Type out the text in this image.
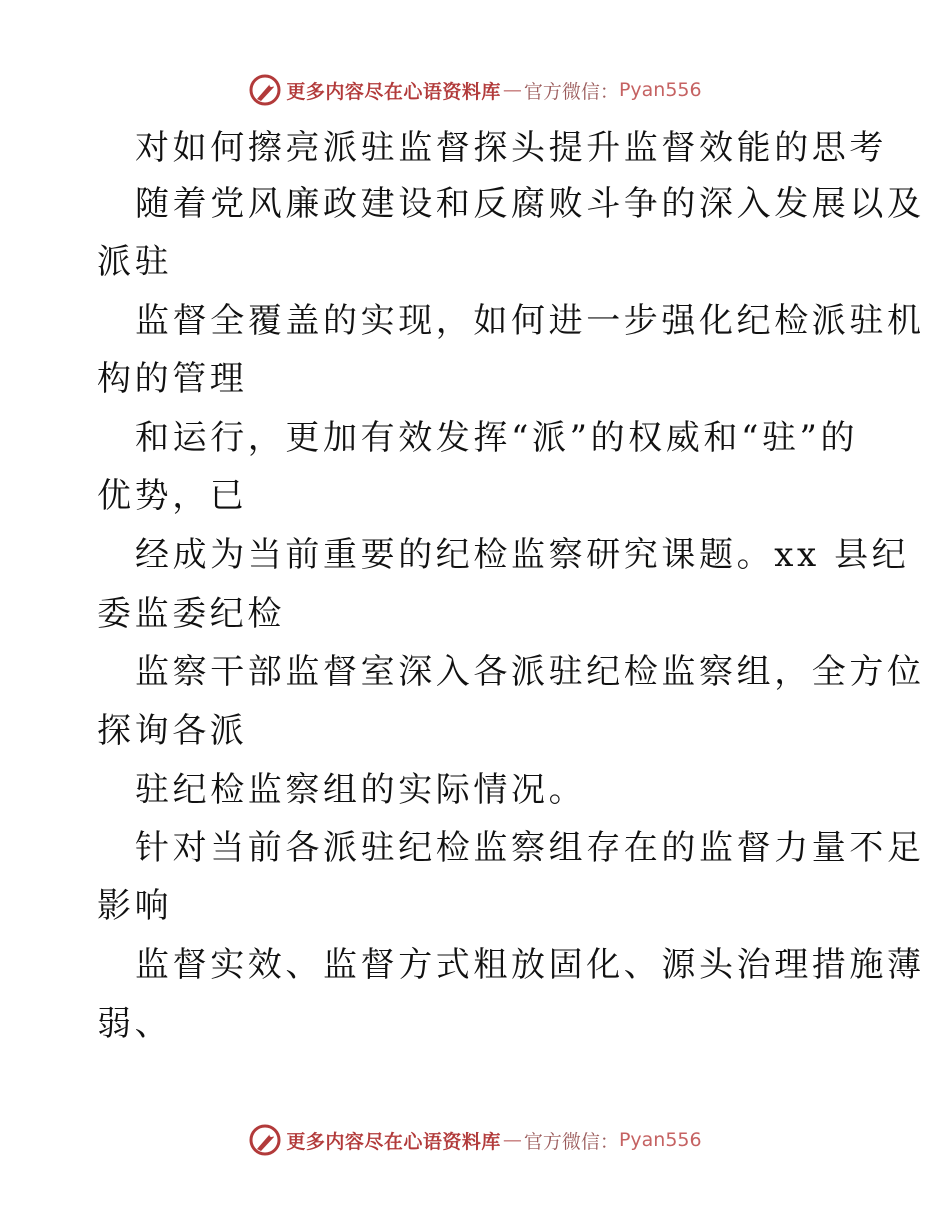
更多内容尽在心语资料库 — 官方微信： Pyan556
对如何擦亮派驻监督探头提升监督效能的思考
随着党风廉政建设和反腐败斗争的深入发展以及
派驻
监督全覆盖的实现，如何进一步强化纪检派驻机
构的管理
和运行，更加有效发挥“派”的权威和“驻”的
优势，已
经成为当前重要的纪检监察研究课题。xx 县纪
委监委纪检
监察干部监督室深入各派驻纪检监察组，全方位
探询各派
驻纪检监察组的实际情况。
针对当前各派驻纪检监察组存在的监督力量不足
影响
监督实效、监督方式粗放固化、源头治理措施薄
弱、
更多内容尽在心语资料库 — 官方微信： Pyan556
